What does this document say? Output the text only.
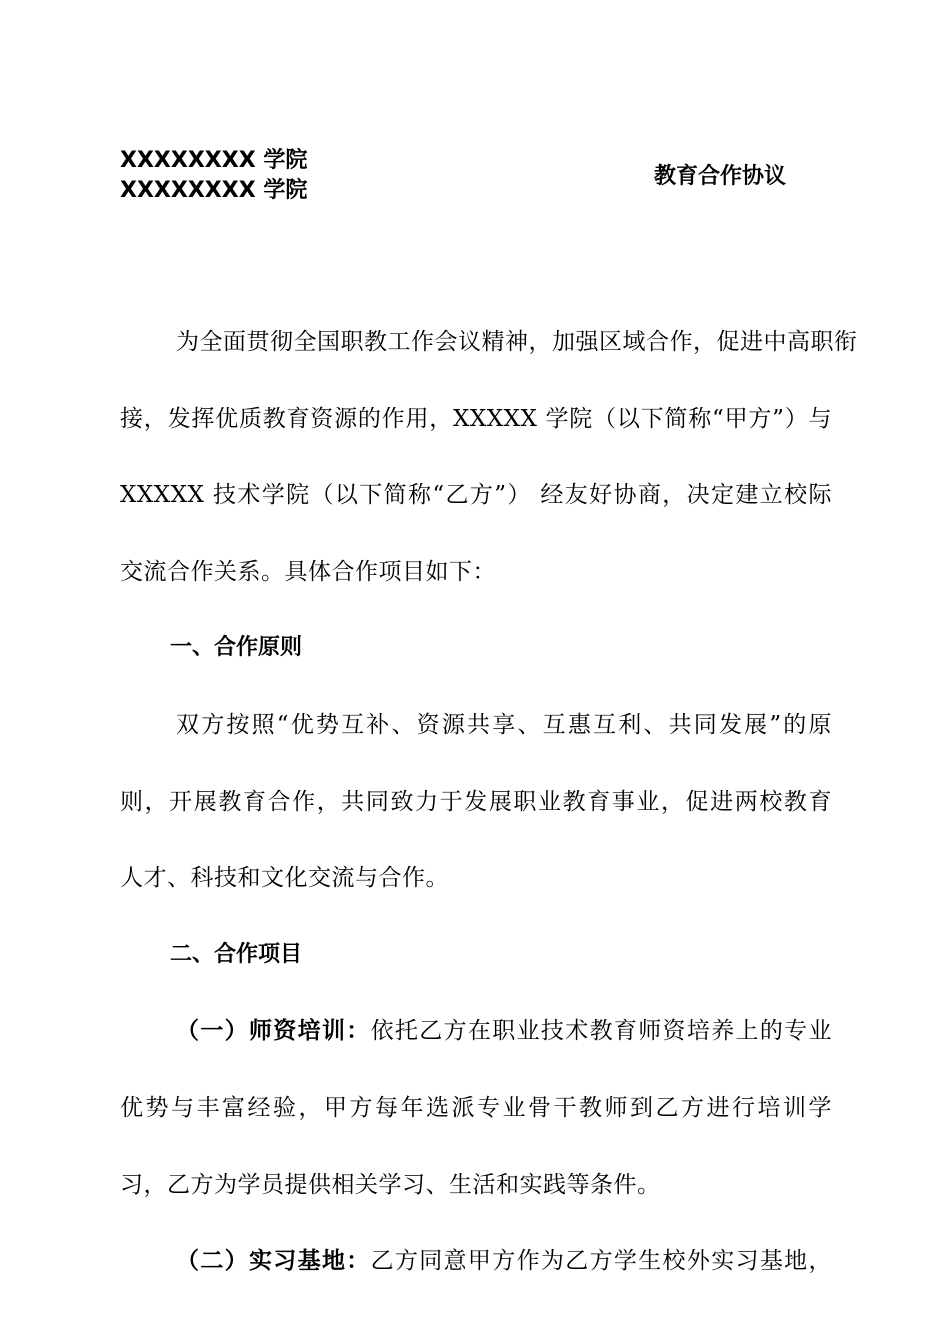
XXXXXXXX 学院
XXXXXXXX 学院
教育合作协议
为全面贯彻全国职教工作会议精神，加强区域合作，促进中高职衔
接，发挥优质教育资源的作用，XXXXX 学院（以下简称“甲方”）与
XXXXX 技术学院（以下简称“乙方”） 经友好协商，决定建立校际
交流合作关系。具体合作项目如下：
一、合作原则
双方按照“优势互补、资源共享、互惠互利、共同发展”的原
则，开展教育合作，共同致力于发展职业教育事业，促进两校教育
人才、科技和文化交流与合作。
二、合作项目
（一）师资培训：依托乙方在职业技术教育师资培养上的专业
优势与丰富经验，甲方每年选派专业骨干教师到乙方进行培训学
习，乙方为学员提供相关学习、生活和实践等条件。
（二）实习基地：乙方同意甲方作为乙方学生校外实习基地，
